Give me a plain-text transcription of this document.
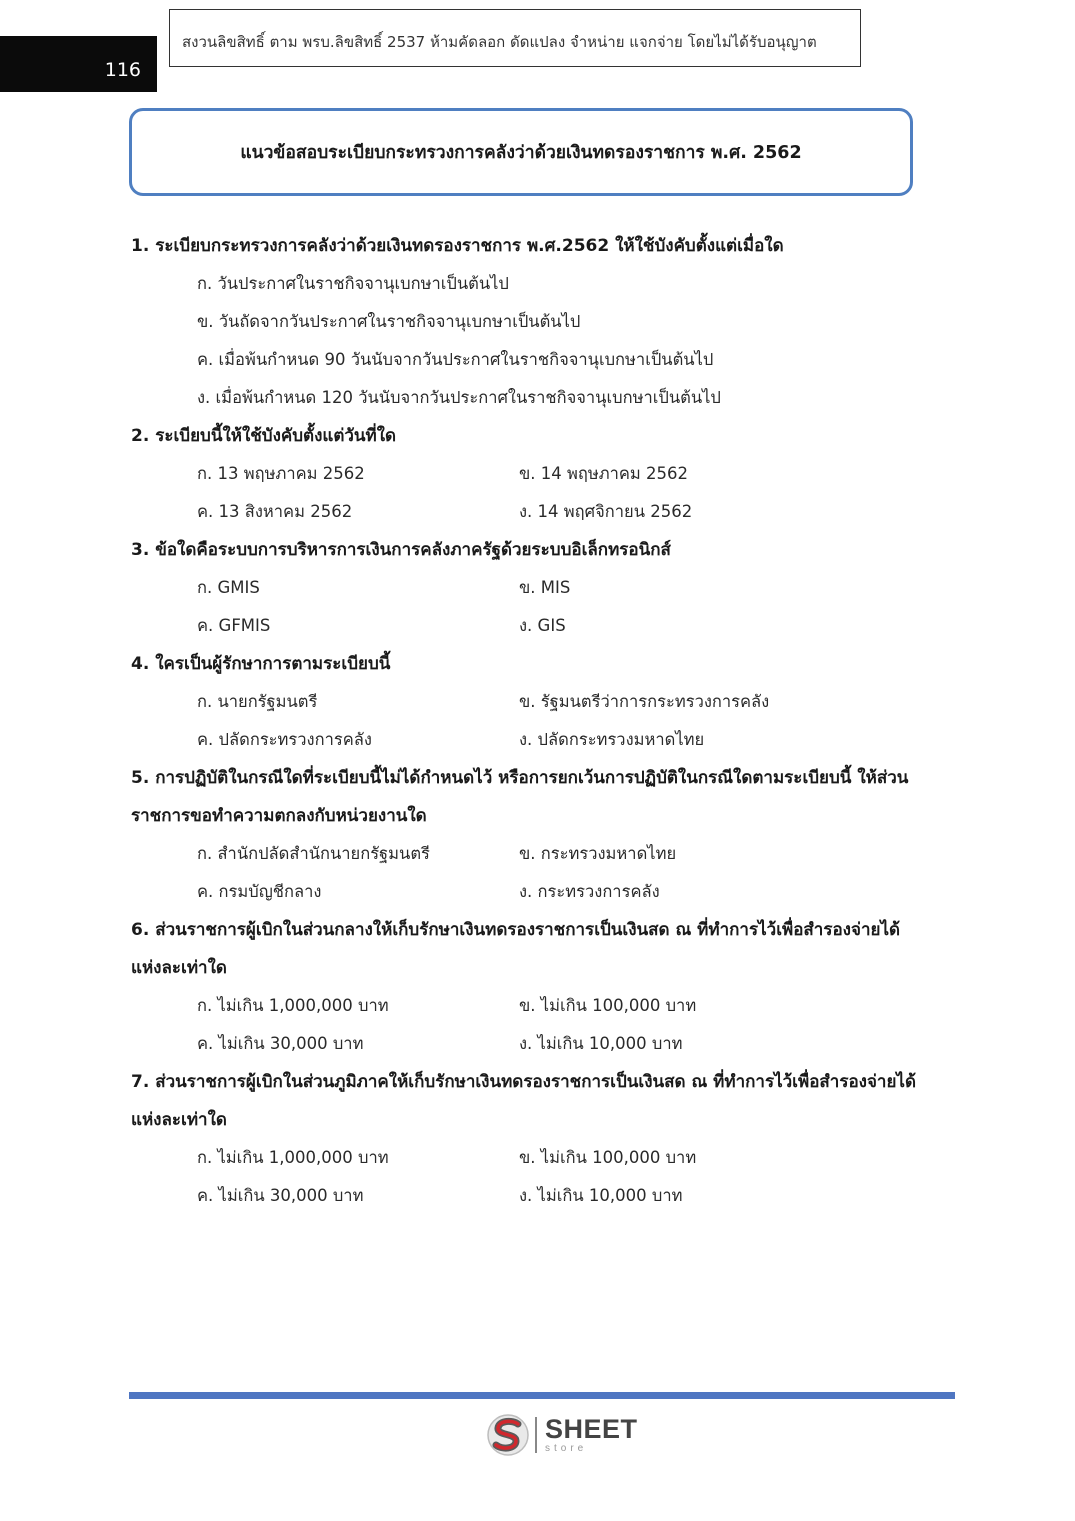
116
สงวนลิขสิทธิ์ ตาม พรบ.ลิขสิทธิ์ 2537 ห้ามคัดลอก ดัดแปลง จำหน่าย แจกจ่าย โดยไม่ได้รับอนุญาต
แนวข้อสอบระเบียบกระทรวงการคลังว่าด้วยเงินทดรองราชการ พ.ศ. 2562
1. ระเบียบกระทรวงการคลังว่าด้วยเงินทดรองราชการ พ.ศ.2562 ให้ใช้บังคับตั้งแต่เมื่อใด
ก. วันประกาศในราชกิจจานุเบกษาเป็นต้นไป
ข. วันถัดจากวันประกาศในราชกิจจานุเบกษาเป็นต้นไป
ค. เมื่อพ้นกำหนด 90 วันนับจากวันประกาศในราชกิจจานุเบกษาเป็นต้นไป
ง. เมื่อพ้นกำหนด 120 วันนับจากวันประกาศในราชกิจจานุเบกษาเป็นต้นไป
2. ระเบียบนี้ให้ใช้บังคับตั้งแต่วันที่ใด
ก. 13 พฤษภาคม 2562	ข. 14 พฤษภาคม 2562
ค. 13 สิงหาคม 2562	ง. 14 พฤศจิกายน 2562
3. ข้อใดคือระบบการบริหารการเงินการคลังภาครัฐด้วยระบบอิเล็กทรอนิกส์
ก. GMIS	ข. MIS
ค. GFMIS	ง. GIS
4. ใครเป็นผู้รักษาการตามระเบียบนี้
ก. นายกรัฐมนตรี	ข. รัฐมนตรีว่าการกระทรวงการคลัง
ค. ปลัดกระทรวงการคลัง	ง. ปลัดกระทรวงมหาดไทย
5. การปฏิบัติในกรณีใดที่ระเบียบนี้ไม่ได้กำหนดไว้ หรือการยกเว้นการปฏิบัติในกรณีใดตามระเบียบนี้ ให้ส่วนราชการขอทำความตกลงกับหน่วยงานใด
ก. สำนักปลัดสำนักนายกรัฐมนตรี	ข. กระทรวงมหาดไทย
ค. กรมบัญชีกลาง	ง. กระทรวงการคลัง
6. ส่วนราชการผู้เบิกในส่วนกลางให้เก็บรักษาเงินทดรองราชการเป็นเงินสด ณ ที่ทำการไว้เพื่อสำรองจ่ายได้แห่งละเท่าใด
ก. ไม่เกิน 1,000,000 บาท	ข. ไม่เกิน 100,000 บาท
ค. ไม่เกิน 30,000 บาท	ง. ไม่เกิน 10,000 บาท
7. ส่วนราชการผู้เบิกในส่วนภูมิภาคให้เก็บรักษาเงินทดรองราชการเป็นเงินสด ณ ที่ทำการไว้เพื่อสำรองจ่ายได้แห่งละเท่าใด
ก. ไม่เกิน 1,000,000 บาท	ข. ไม่เกิน 100,000 บาท
ค. ไม่เกิน 30,000 บาท	ง. ไม่เกิน 10,000 บาท
SHEET
store
